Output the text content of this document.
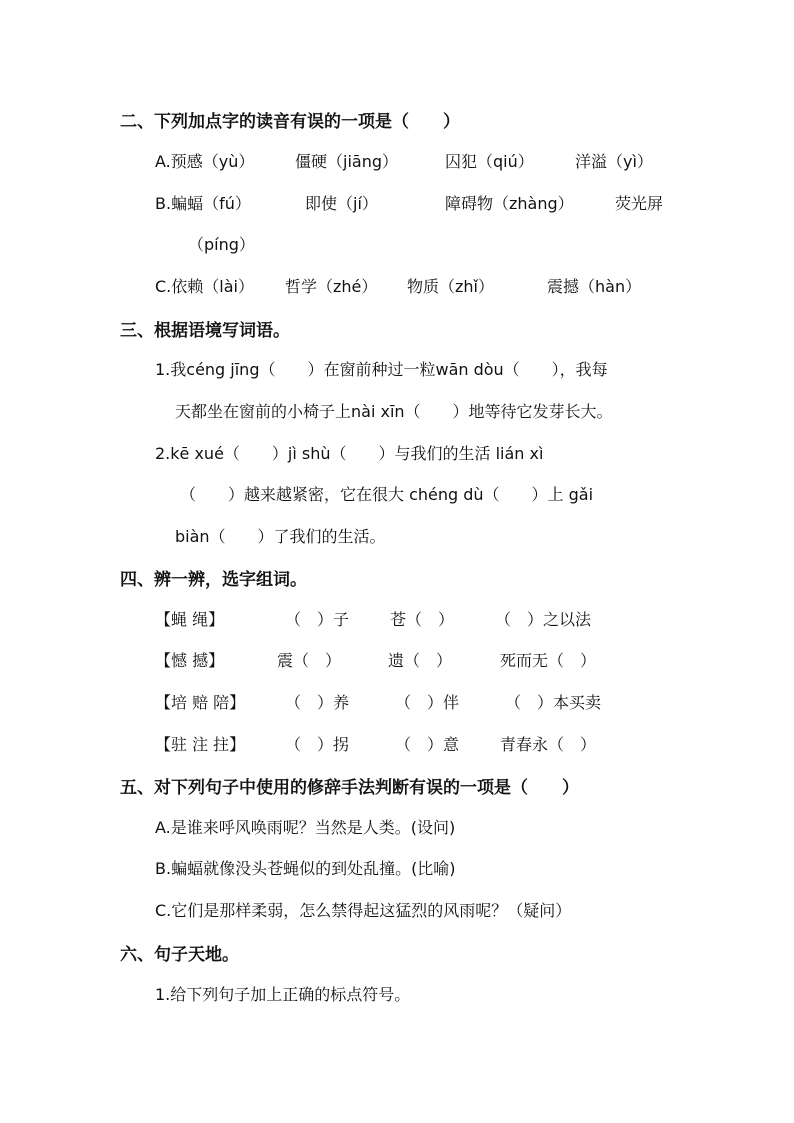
二、下列加点字的读音有误的一项是（　　）
A.预感（yù）	僵硬（jiāng）	囚犯（qiú）	洋溢（yì）
B.蝙蝠（fú）	即使（jí）	障碍物（zhàng）	荧光屏
（píng）
C.依赖（lài） 哲学（zhé） 物质（zhǐ）	震撼（hàn）
三、根据语境写词语。
1.我céng jīng（　　）在窗前种过一粒wān dòu（　　），我每
天都坐在窗前的小椅子上nài xīn（　　）地等待它发芽长大。
2.kē xué（　　）jì shù（　　）与我们的生活 lián xì
（　　）越来越紧密，它在很大 chéng dù（　　）上 gǎi
biàn（　　）了我们的生活。
四、辨一辨，选字组词。
【蝇 绳】	（　）子	苍（　）	（　）之以法
【憾 撼】	震（　）	遗（　）	死而无（　）
【培 赔 陪】 （　）养	（　）伴	（　）本买卖
【驻 注 拄】 （　）拐	（　）意	青春永（　）
五、对下列句子中使用的修辞手法判断有误的一项是（　　）
A.是谁来呼风唤雨呢？当然是人类。(设问)
B.蝙蝠就像没头苍蝇似的到处乱撞。(比喻)
C.它们是那样柔弱，怎么禁得起这猛烈的风雨呢？（疑问）
六、句子天地。
1.给下列句子加上正确的标点符号。
